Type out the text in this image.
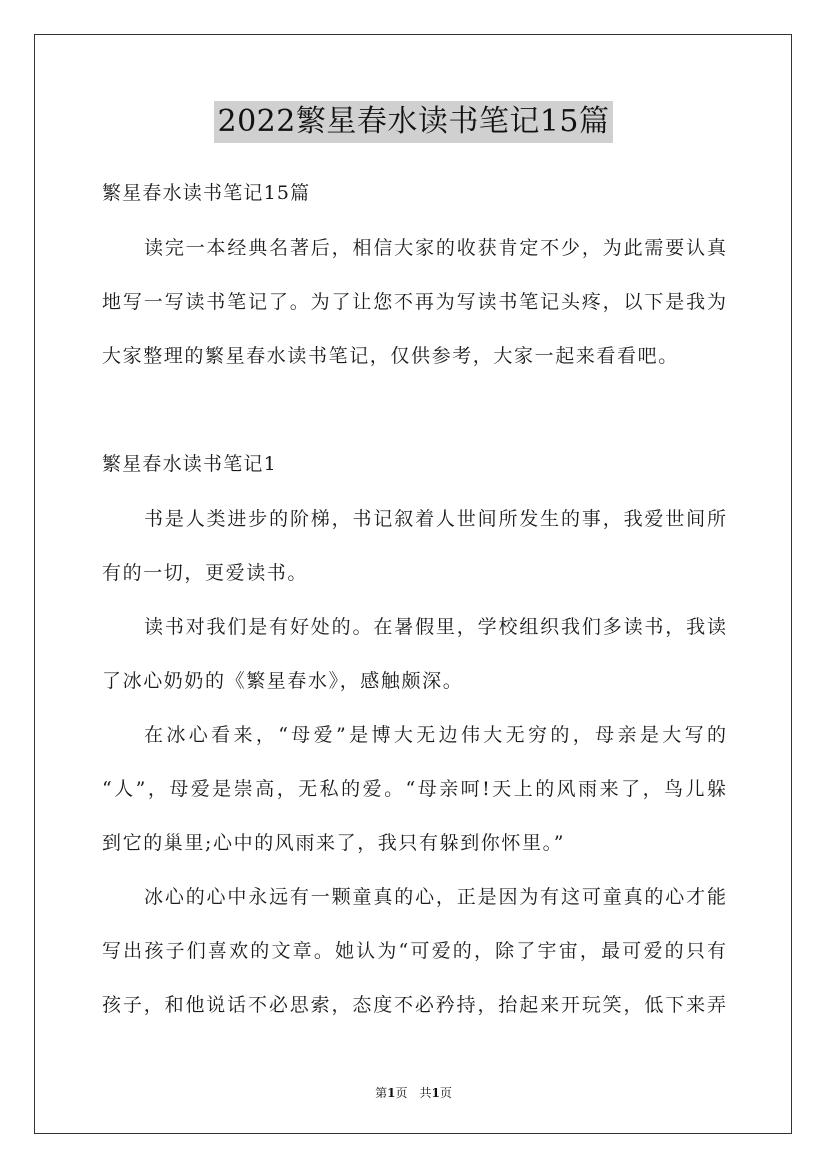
2022繁星春水读书笔记15篇
繁星春水读书笔记15篇
读完一本经典名著后，相信大家的收获肯定不少，为此需要认真
地写一写读书笔记了。为了让您不再为写读书笔记头疼，以下是我为
大家整理的繁星春水读书笔记，仅供参考，大家一起来看看吧。
繁星春水读书笔记1
书是人类进步的阶梯，书记叙着人世间所发生的事，我爱世间所
有的一切，更爱读书。
读书对我们是有好处的。在暑假里，学校组织我们多读书，我读
了冰心奶奶的《繁星春水》，感触颇深。
在冰心看来，“母爱”是博大无边伟大无穷的，母亲是大写的
“人”，母爱是崇高，无私的爱。“母亲呵!天上的风雨来了，鸟儿躲
到它的巢里;心中的风雨来了，我只有躲到你怀里。”
冰心的心中永远有一颗童真的心，正是因为有这可童真的心才能
写出孩子们喜欢的文章。她认为“可爱的，除了宇宙，最可爱的只有
孩子，和他说话不必思索，态度不必矜持，抬起来开玩笑，低下来弄
第1页　共1页
